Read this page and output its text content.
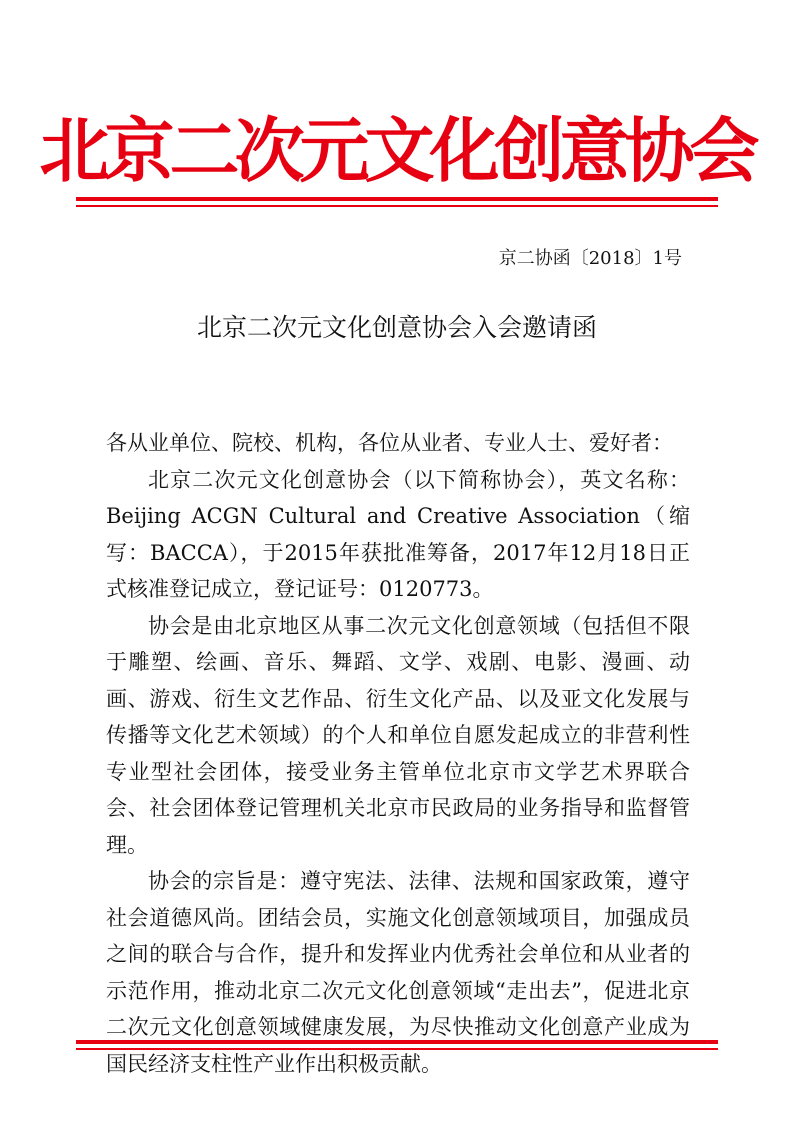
北京二次元文化创意协会
京二协函〔2018〕1号
北京二次元文化创意协会入会邀请函

各从业单位、院校、机构，各位从业者、专业人士、爱好者：

北京二次元文化创意协会（以下简称协会），英文名称：Beijing ACGN Cultural and Creative Association（缩写：BACCA），于2015年获批准筹备，2017年12月18日正式核准登记成立，登记证号：0120773。

协会是由北京地区从事二次元文化创意领域（包括但不限于雕塑、绘画、音乐、舞蹈、文学、戏剧、电影、漫画、动画、游戏、衍生文艺作品、衍生文化产品、以及亚文化发展与传播等文化艺术领域）的个人和单位自愿发起成立的非营利性专业型社会团体，接受业务主管单位北京市文学艺术界联合会、社会团体登记管理机关北京市民政局的业务指导和监督管理。

协会的宗旨是：遵守宪法、法律、法规和国家政策，遵守社会道德风尚。团结会员，实施文化创意领域项目，加强成员之间的联合与合作，提升和发挥业内优秀社会单位和从业者的示范作用，推动北京二次元文化创意领域“走出去”，促进北京二次元文化创意领域健康发展，为尽快推动文化创意产业成为国民经济支柱性产业作出积极贡献。
